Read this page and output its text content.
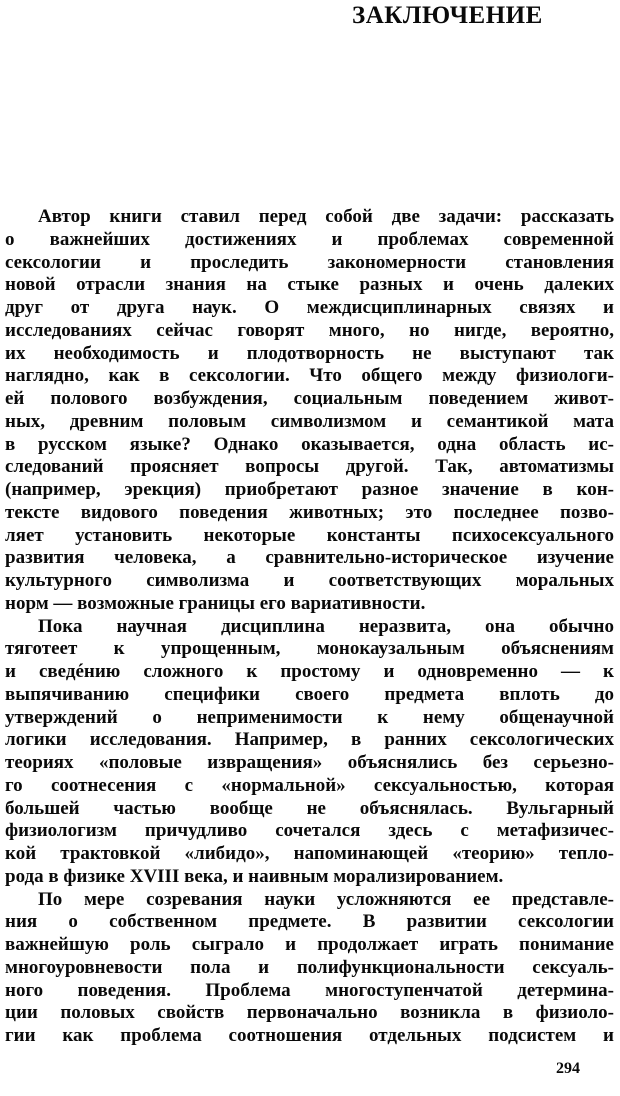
ЗАКЛЮЧЕНИЕ
Автор книги ставил перед собой две задачи: рассказать
о важнейших достижениях и проблемах современной
сексологии и проследить закономерности становления
новой отрасли знания на стыке разных и очень далеких
друг от друга наук. О междисциплинарных связях и
исследованиях сейчас говорят много, но нигде, вероятно,
их необходимость и плодотворность не выступают так
наглядно, как в сексологии. Что общего между физиологи-
ей полового возбуждения, социальным поведением живот-
ных, древним половым символизмом и семантикой мата
в русском языке? Однако оказывается, одна область ис-
следований проясняет вопросы другой. Так, автоматизмы
(например, эрекция) приобретают разное значение в кон-
тексте видового поведения животных; это последнее позво-
ляет установить некоторые константы психосексуального
развития человека, а сравнительно-историческое изучение
культурного символизма и соответствующих моральных
норм — возможные границы его вариативности.
Пока научная дисциплина неразвита, она обычно
тяготеет к упрощенным, монокаузальным объяснениям
и сведéнию сложного к простому и одновременно — к
выпячиванию специфики своего предмета вплоть до
утверждений о неприменимости к нему общенаучной
логики исследования. Например, в ранних сексологических
теориях «половые извращения» объяснялись без серьезно-
го соотнесения с «нормальной» сексуальностью, которая
большей частью вообще не объяснялась. Вульгарный
физиологизм причудливо сочетался здесь с метафизичес-
кой трактовкой «либидо», напоминающей «теорию» тепло-
рода в физике XVIII века, и наивным морализированием.
По мере созревания науки усложняются ее представле-
ния о собственном предмете. В развитии сексологии
важнейшую роль сыграло и продолжает играть понимание
многоуровневости пола и полифункциональности сексуаль-
ного поведения. Проблема многоступенчатой детермина-
ции половых свойств первоначально возникла в физиоло-
гии как проблема соотношения отдельных подсистем и
294
